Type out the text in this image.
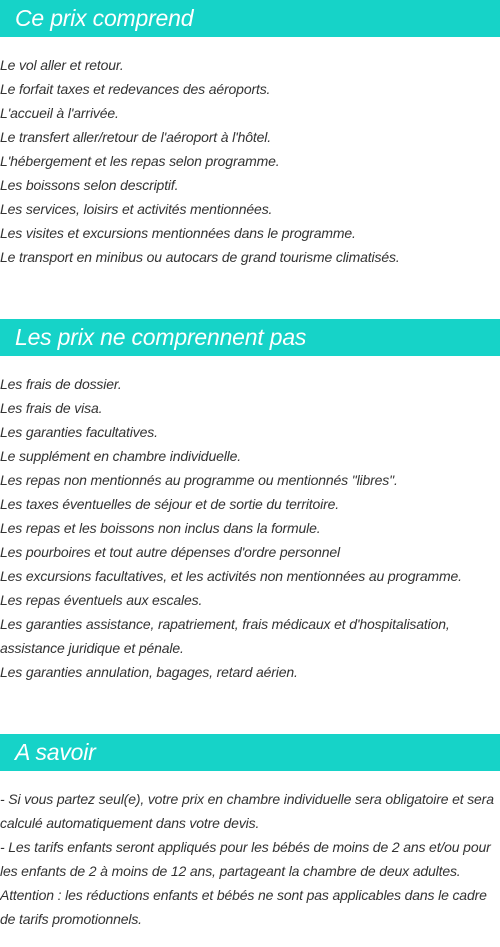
Ce prix comprend
Le vol aller et retour.
Le forfait taxes et redevances des aéroports.
L'accueil à l'arrivée.
Le transfert aller/retour de l'aéroport à l'hôtel.
L'hébergement et les repas selon programme.
Les boissons selon descriptif.
Les services, loisirs et activités mentionnées.
Les visites et excursions mentionnées dans le programme.
Le transport en minibus ou autocars de grand tourisme climatisés.
Les prix ne comprennent pas
Les frais de dossier.
Les frais de visa.
Les garanties facultatives.
Le supplément en chambre individuelle.
Les repas non mentionnés au programme ou mentionnés "libres".
Les taxes éventuelles de séjour et de sortie du territoire.
Les repas et les boissons non inclus dans la formule.
Les pourboires et tout autre dépenses d'ordre personnel
Les excursions facultatives, et les activités non mentionnées au programme.
Les repas éventuels aux escales.
Les garanties assistance, rapatriement, frais médicaux et d'hospitalisation, assistance juridique et pénale.
Les garanties annulation, bagages, retard aérien.
A savoir

- Si vous partez seul(e), votre prix en chambre individuelle sera obligatoire et sera calculé automatiquement dans votre devis.

- Les tarifs enfants seront appliqués pour les bébés de moins de 2 ans et/ou pour les enfants de 2 à moins de 12 ans, partageant la chambre de deux adultes.

Attention : les réductions enfants et bébés ne sont pas applicables dans le cadre de tarifs promotionnels.
